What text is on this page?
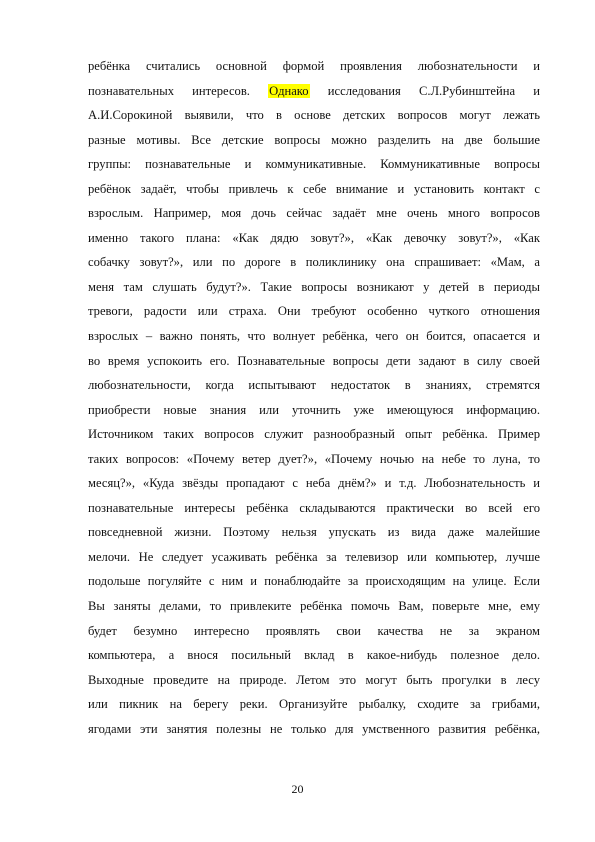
ребёнка считались основной формой проявления любознательности и
познавательных интересов. Однако исследования С.Л.Рубинштейна и
А.И.Сорокиной выявили, что в основе детских вопросов могут лежать
разные мотивы. Все детские вопросы можно разделить на две большие
группы: познавательные и коммуникативные. Коммуникативные вопросы
ребёнок задаёт, чтобы привлечь к себе внимание и установить контакт с
взрослым. Например, моя дочь сейчас задаёт мне очень много вопросов
именно такого плана: «Как дядю зовут?», «Как девочку зовут?», «Как
собачку зовут?», или по дороге в поликлинику она спрашивает: «Мам, а
меня там слушать будут?». Такие вопросы возникают у детей в периоды
тревоги, радости или страха. Они требуют особенно чуткого отношения
взрослых – важно понять, что волнует ребёнка, чего он боится, опасается и
во время успокоить его. Познавательные вопросы дети задают в силу своей
любознательности, когда испытывают недостаток в знаниях, стремятся
приобрести новые знания или уточнить уже имеющуюся информацию.
Источником таких вопросов служит разнообразный опыт ребёнка. Пример
таких вопросов: «Почему ветер дует?», «Почему ночью на небе то луна, то
месяц?», «Куда звёзды пропадают с неба днём?» и т.д. Любознательность и
познавательные интересы ребёнка складываются практически во всей его
повседневной жизни. Поэтому нельзя упускать из вида даже малейшие
мелочи. Не следует усаживать ребёнка за телевизор или компьютер, лучше
подольше погуляйте с ним и понаблюдайте за происходящим на улице. Если
Вы заняты делами, то привлеките ребёнка помочь Вам, поверьте мне, ему
будет безумно интересно проявлять свои качества не за экраном
компьютера, а внося посильный вклад в какое-нибудь полезное дело.
Выходные проведите на природе. Летом это могут быть прогулки в лесу
или пикник на берегу реки. Организуйте рыбалку, сходите за грибами,
ягодами эти занятия полезны не только для умственного развития ребёнка,
20
